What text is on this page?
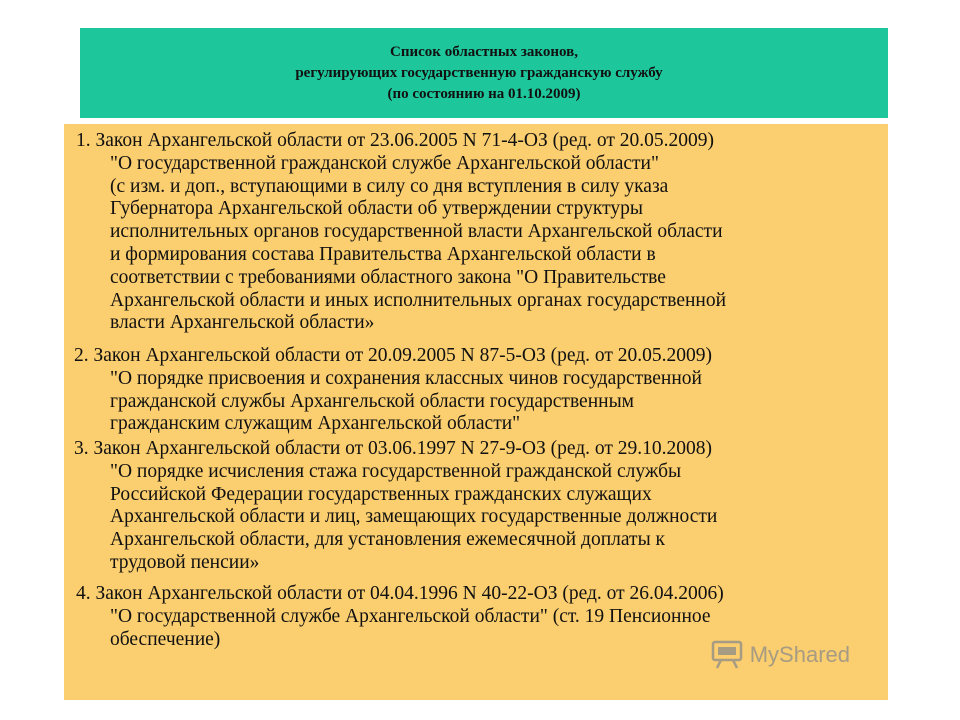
Список областных законов,
регулирующих государственную гражданскую службу
(по состоянию на 01.10.2009)
1. Закон Архангельской области от 23.06.2005 N 71-4-ОЗ (ред. от 20.05.2009)
"О государственной гражданской службе Архангельской области"
(с изм. и доп., вступающими в силу со дня вступления в силу указа
Губернатора Архангельской области об утверждении структуры
исполнительных органов государственной власти Архангельской области
и формирования состава Правительства Архангельской области в
соответствии с требованиями областного закона "О Правительстве
Архангельской области и иных исполнительных органах государственной
власти Архангельской области»
2. Закон Архангельской области от 20.09.2005 N 87-5-ОЗ (ред. от 20.05.2009)
"О порядке присвоения и сохранения классных чинов государственной
гражданской службы Архангельской области государственным
гражданским служащим Архангельской области"
3. Закон Архангельской области от 03.06.1997 N 27-9-ОЗ (ред. от 29.10.2008)
"О порядке исчисления стажа государственной гражданской службы
Российской Федерации государственных гражданских служащих
Архангельской области и лиц, замещающих государственные должности
Архангельской области, для установления ежемесячной доплаты к
трудовой пенсии»
4. Закон Архангельской области от 04.04.1996 N 40-22-ОЗ (ред. от 26.04.2006)
"О государственной службе Архангельской области" (ст. 19 Пенсионное
обеспечение)
MyShared
